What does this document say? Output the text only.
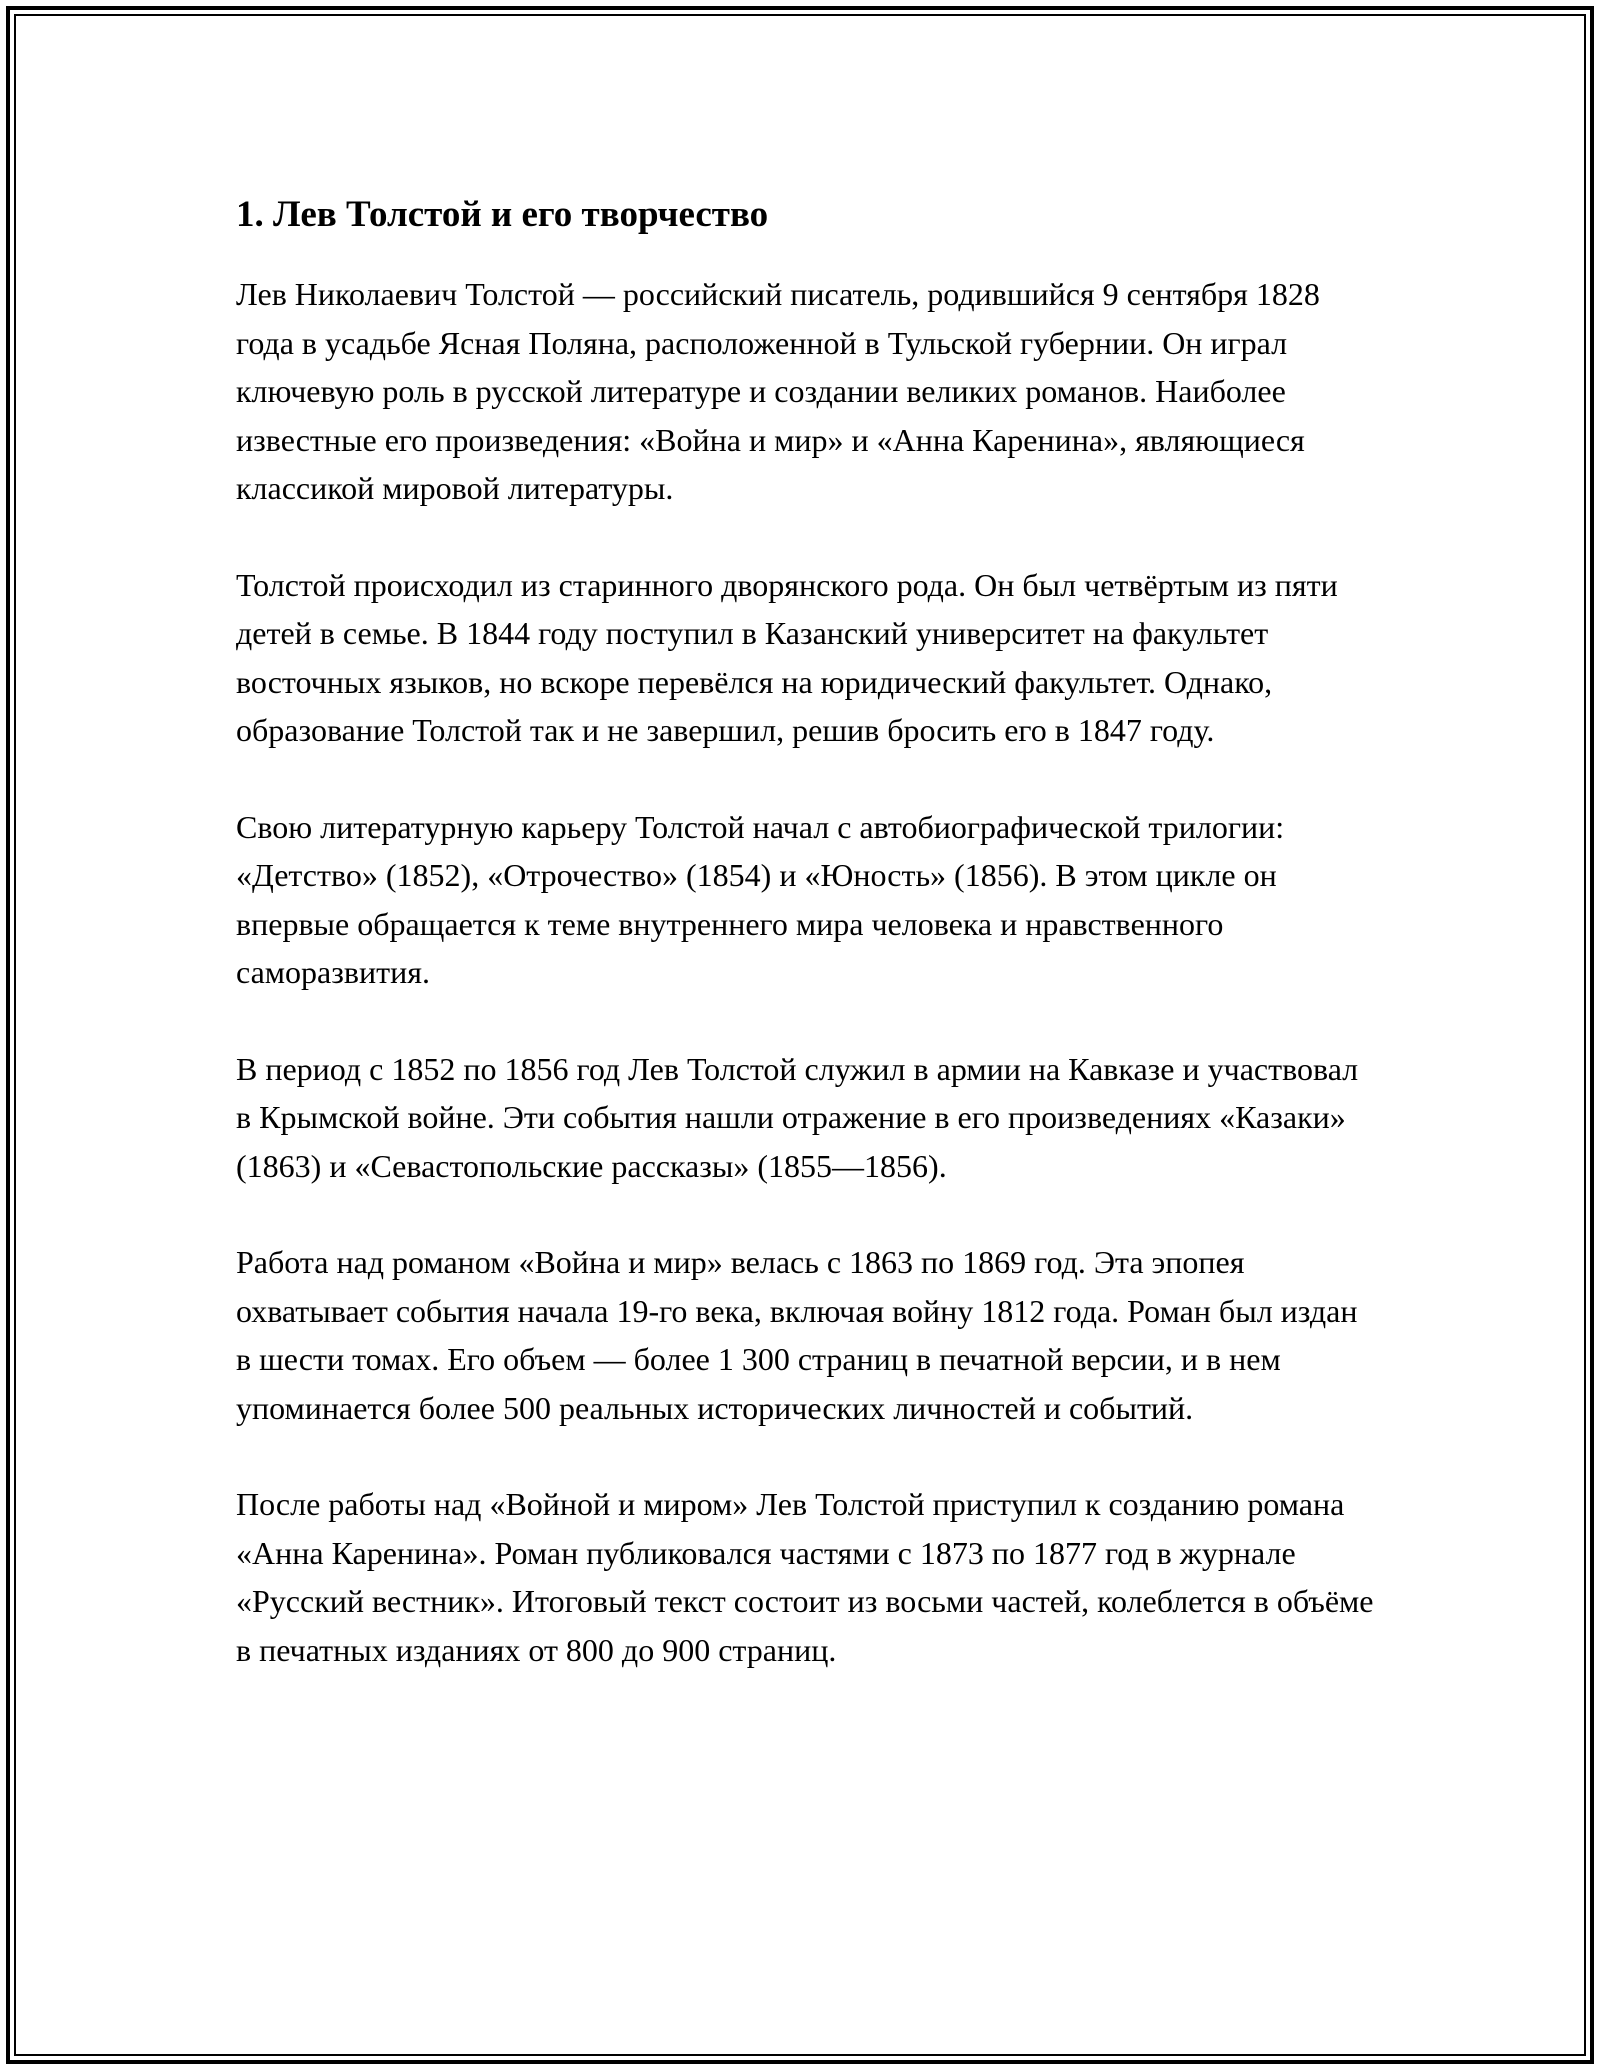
1. Лев Толстой и его творчество

Лев Николаевич Толстой — российский писатель, родившийся 9 сентября 1828 года в усадьбе Ясная Поляна, расположенной в Тульской губернии. Он играл ключевую роль в русской литературе и создании великих романов. Наиболее известные его произведения: «Война и мир» и «Анна Каренина», являющиеся классикой мировой литературы.

Толстой происходил из старинного дворянского рода. Он был четвёртым из пяти детей в семье. В 1844 году поступил в Казанский университет на факультет восточных языков, но вскоре перевёлся на юридический факультет. Однако, образование Толстой так и не завершил, решив бросить его в 1847 году.

Свою литературную карьеру Толстой начал с автобиографической трилогии: «Детство» (1852), «Отрочество» (1854) и «Юность» (1856). В этом цикле он впервые обращается к теме внутреннего мира человека и нравственного саморазвития.

В период с 1852 по 1856 год Лев Толстой служил в армии на Кавказе и участвовал в Крымской войне. Эти события нашли отражение в его произведениях «Казаки» (1863) и «Севастопольские рассказы» (1855—1856).

Работа над романом «Война и мир» велась с 1863 по 1869 год. Эта эпопея охватывает события начала 19-го века, включая войну 1812 года. Роман был издан в шести томах. Его объем — более 1 300 страниц в печатной версии, и в нем упоминается более 500 реальных исторических личностей и событий.

После работы над «Войной и миром» Лев Толстой приступил к созданию романа «Анна Каренина». Роман публиковался частями с 1873 по 1877 год в журнале «Русский вестник». Итоговый текст состоит из восьми частей, колеблется в объёме в печатных изданиях от 800 до 900 страниц.
